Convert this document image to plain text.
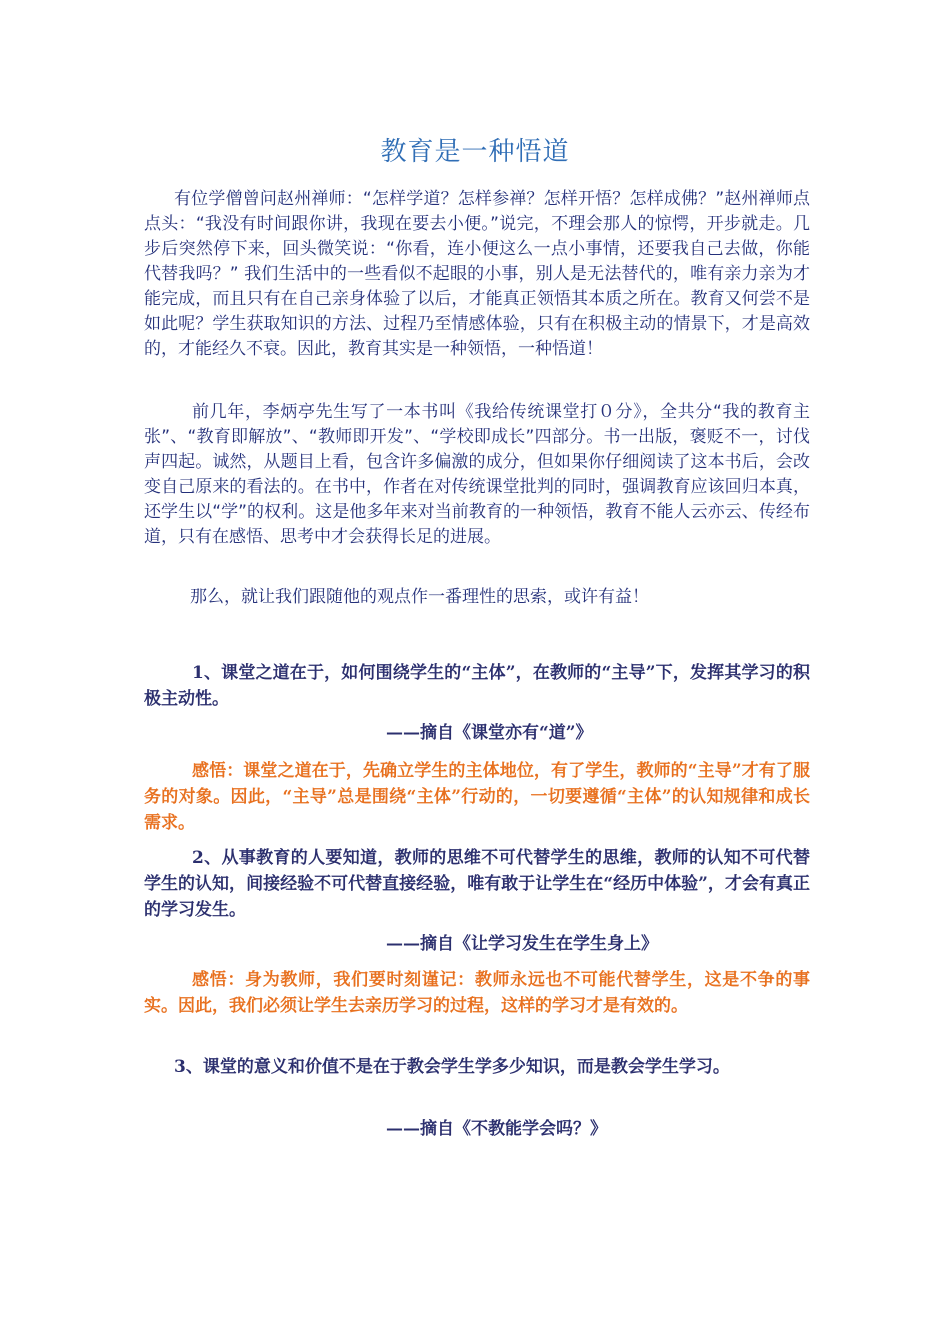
教育是一种悟道

有位学僧曾问赵州禅师：“怎样学道？怎样参禅？怎样开悟？怎样成佛？”赵州禅师点点头：“我没有时间跟你讲，我现在要去小便。”说完，不理会那人的惊愕，开步就走。几步后突然停下来，回头微笑说：“你看，连小便这么一点小事情，还要我自己去做，你能代替我吗？” 我们生活中的一些看似不起眼的小事，别人是无法替代的，唯有亲力亲为才能完成，而且只有在自己亲身体验了以后，才能真正领悟其本质之所在。教育又何尝不是如此呢？学生获取知识的方法、过程乃至情感体验，只有在积极主动的情景下，才是高效的，才能经久不衰。因此，教育其实是一种领悟，一种悟道！

前几年，李炳亭先生写了一本书叫《我给传统课堂打０分》，全共分“我的教育主张”、“教育即解放”、“教师即开发”、“学校即成长”四部分。书一出版，褒贬不一，讨伐声四起。诚然，从题目上看，包含许多偏激的成分，但如果你仔细阅读了这本书后，会改变自己原来的看法的。在书中，作者在对传统课堂批判的同时，强调教育应该回归本真，还学生以“学”的权利。这是他多年来对当前教育的一种领悟，教育不能人云亦云、传经布道，只有在感悟、思考中才会获得长足的进展。

那么，就让我们跟随他的观点作一番理性的思索，或许有益！

1、课堂之道在于，如何围绕学生的“主体”，在教师的“主导”下，发挥其学习的积极主动性。

——摘自《课堂亦有“道”》

感悟：课堂之道在于，先确立学生的主体地位，有了学生，教师的“主导”才有了服务的对象。因此，“主导”总是围绕“主体”行动的，一切要遵循“主体”的认知规律和成长需求。

2、从事教育的人要知道，教师的思维不可代替学生的思维，教师的认知不可代替学生的认知，间接经验不可代替直接经验，唯有敢于让学生在“经历中体验”，才会有真正的学习发生。

——摘自《让学习发生在学生身上》

感悟：身为教师，我们要时刻谨记：教师永远也不可能代替学生，这是不争的事实。因此，我们必须让学生去亲历学习的过程，这样的学习才是有效的。

3、课堂的意义和价值不是在于教会学生学多少知识，而是教会学生学习。

——摘自《不教能学会吗？》
